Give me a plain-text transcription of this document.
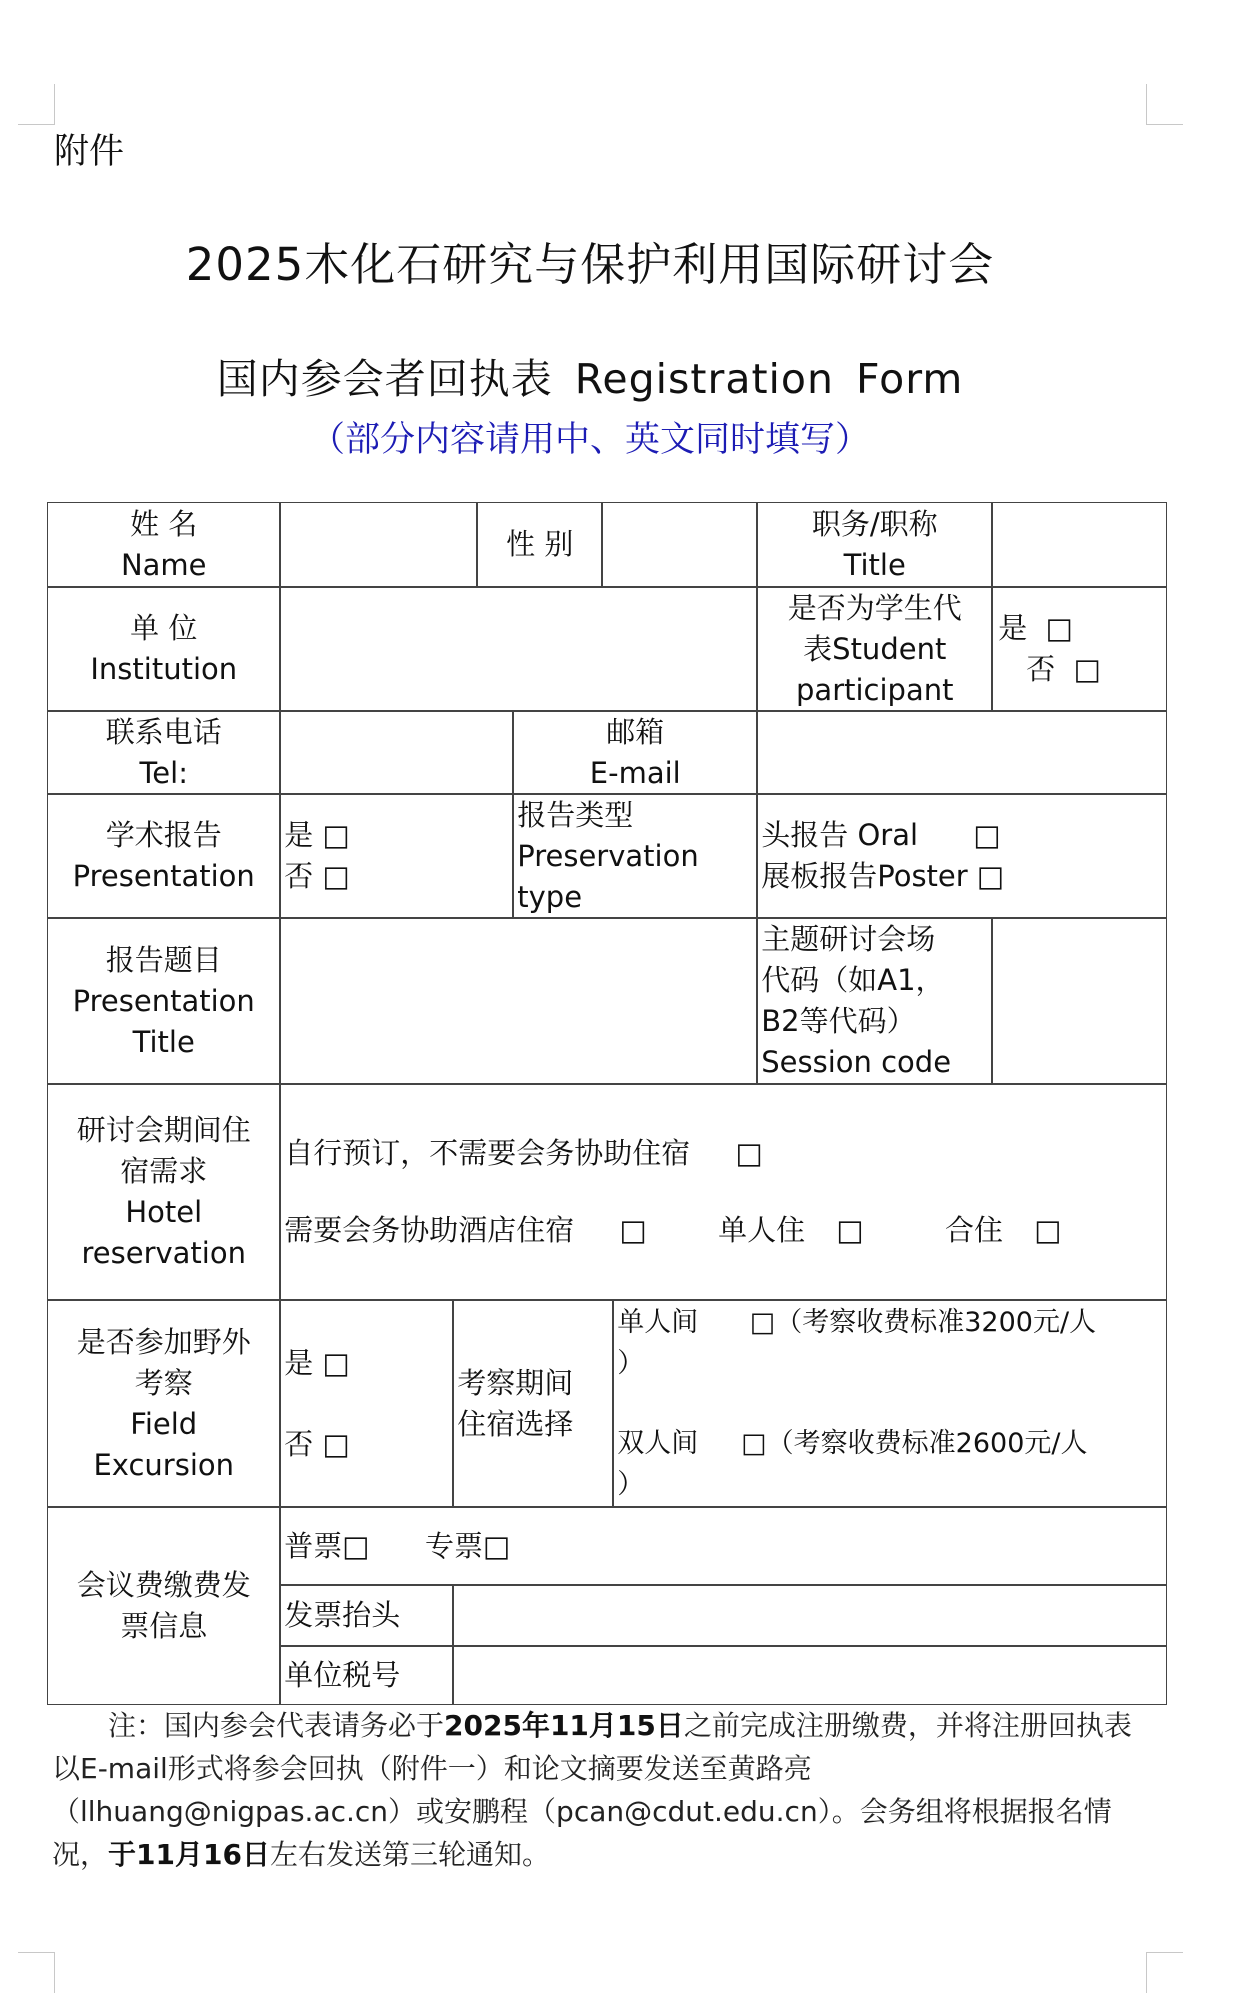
附件
2025木化石研究与保护利用国际研讨会
国内参会者回执表 Registration Form
（部分内容请用中、英文同时填写）
姓 名
Name
性 别
职务/职称
Title
单 位
Institution
是否为学生代
表Student
participant
是  □
否  □
联系电话
Tel:
邮箱
E-mail
学术报告
Presentation
是 □
否 □
报告类型
Preservation
type
头报告 Oral      □
展板报告Poster □
报告题目
Presentation
Title
主题研讨会场
代码（如A1，
B2等代码）
Session code
研讨会期间住
宿需求
Hotel
reservation
自行预订，不需要会务协助住宿 □
需要会务协助酒店住宿 □ 单人住 □	合住 □
是否参加野外
考察
Field
Excursion
是 □
否 □
考察期间
住宿选择
单人间      □（考察收费标准3200元/人
）
双人间     □（考察收费标准2600元/人
）
会议费缴费发
票信息
普票□      专票□
发票抬头
单位税号
注：国内参会代表请务必于2025年11月15日之前完成注册缴费，并将注册回执表以E-mail形式将参会回执（附件一）和论文摘要发送至黄路亮（llhuang@nigpas.ac.cn）或安鹏程（pcan@cdut.edu.cn）。会务组将根据报名情况，于11月16日左右发送第三轮通知。
